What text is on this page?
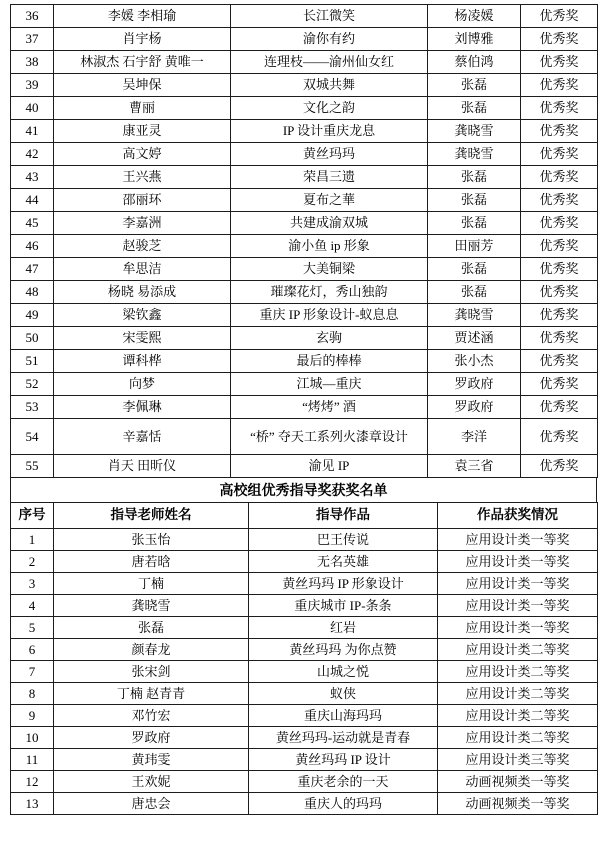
36	李媛 李相瑜	长江微笑	杨凌媛	优秀奖
37	肖宇杨	渝你有约	刘博雅	优秀奖
38	林淑杰 石宇舒 黄唯一	连理枝——渝州仙女红	蔡伯鸿	优秀奖
39	吴坤保	双城共舞	张磊	优秀奖
40	曹丽	文化之韵	张磊	优秀奖
41	康亚灵	IP 设计重庆龙息	龚晓雪	优秀奖
42	高文婷	黄丝玛玛	龚晓雪	优秀奖
43	王兴燕	荣昌三遗	张磊	优秀奖
44	邵丽环	夏布之華	张磊	优秀奖
45	李嘉洲	共建成渝双城	张磊	优秀奖
46	赵骏芝	渝小鱼 ip 形象	田丽芳	优秀奖
47	牟思洁	大美铜梁	张磊	优秀奖
48	杨晓 易添成	璀璨花灯，秀山独韵	张磊	优秀奖
49	梁钦鑫	重庆 IP 形象设计-蚁息息	龚晓雪	优秀奖
50	宋雯熙	玄驹	贾述涵	优秀奖
51	谭科桦	最后的棒棒	张小杰	优秀奖
52	向梦	江城—重庆	罗政府	优秀奖
53	李佩琳	“烤烤” 酒	罗政府	优秀奖
54	辛嘉恬	“桥” 夺天工系列火漆章设计	李洋	优秀奖
55	肖天 田昕仪	渝见 IP	袁三省	优秀奖
高校组优秀指导奖获奖名单
序号	指导老师姓名	指导作品	作品获奖情况
1	张玉怡	巴王传说	应用设计类一等奖
2	唐若晗	无名英雄	应用设计类一等奖
3	丁楠	黄丝玛玛 IP 形象设计	应用设计类一等奖
4	龚晓雪	重庆城市 IP-条条	应用设计类一等奖
5	张磊	红岩	应用设计类一等奖
6	颜春龙	黄丝玛玛 为你点赞	应用设计类二等奖
7	张宋剑	山城之悦	应用设计类二等奖
8	丁楠 赵青青	蚁侠	应用设计类二等奖
9	邓竹宏	重庆山海玛玛	应用设计类二等奖
10	罗政府	黄丝玛玛-运动就是青春	应用设计类二等奖
11	黄玮雯	黄丝玛玛 IP 设计	应用设计类三等奖
12	王欢妮	重庆老余的一天	动画视频类一等奖
13	唐忠会	重庆人的玛玛	动画视频类一等奖
